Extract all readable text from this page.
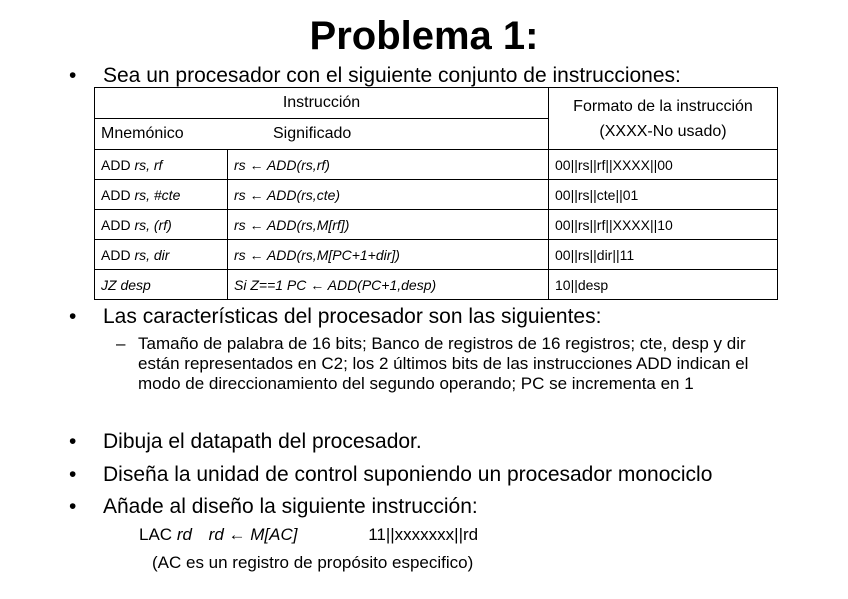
Problema 1:
• Sea un procesador con el siguiente conjunto de instrucciones:
Instrucción		Formato de la instrucción
(XXXX-No usado)

Mnemónico Significado		
ADD rs, rf	rs ← ADD(rs,rf)	00||rs||rf||XXXX||00
ADD rs, #cte	rs ← ADD(rs,cte)	00||rs||cte||01
ADD rs, (rf)	rs ← ADD(rs,M[rf])	00||rs||rf||XXXX||10
ADD rs, dir	rs ← ADD(rs,M[PC+1+dir])	00||rs||dir||11
JZ desp	Si Z==1 PC ← ADD(PC+1,desp)	10||desp
• Las características del procesador son las siguientes:
– Tamaño de palabra de 16 bits; Banco de registros de 16 registros; cte, desp y dir están representados en C2; los 2 últimos bits de las instrucciones ADD indican el modo de direccionamiento del segundo operando; PC se incrementa en 1
• Dibuja el datapath del procesador.
• Diseña la unidad de control suponiendo un procesador monociclo
• Añade al diseño la siguiente instrucción:
LAC rd rd ← M[AC]	11||xxxxxxx||rd
(AC es un registro de propósito especifico)
